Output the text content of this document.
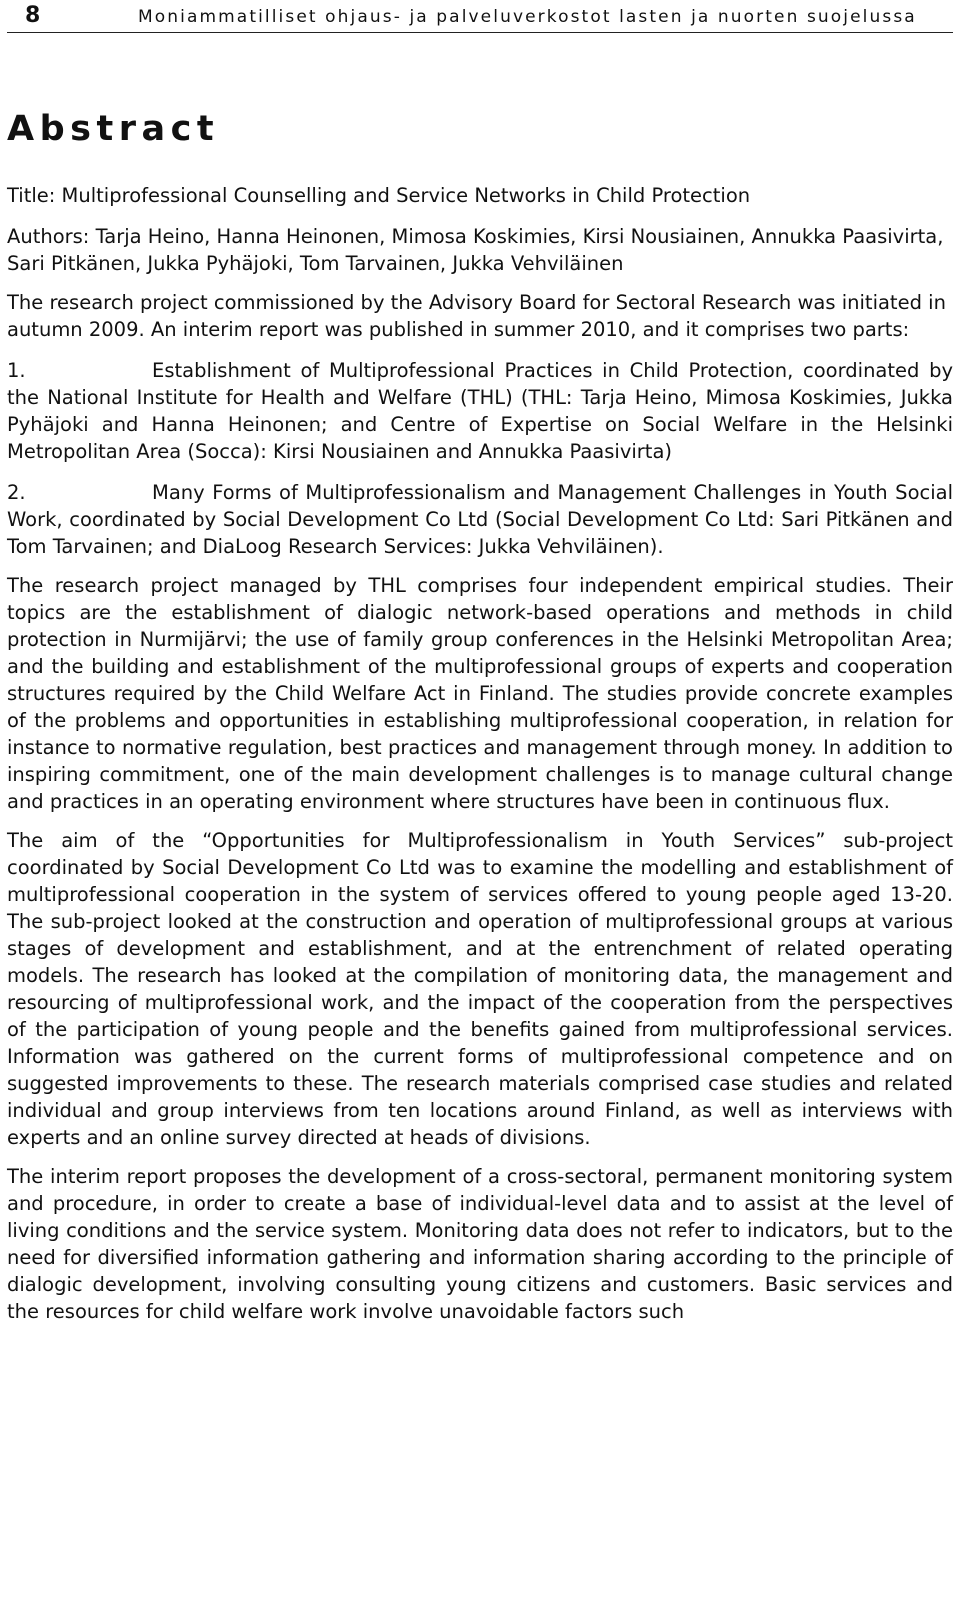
8	Moniammatilliset ohjaus- ja palveluverkostot lasten ja nuorten suojelussa
Abstract

Title: Multiprofessional Counselling and Service Networks in Child Protection

Authors: Tarja Heino, Hanna Heinonen, Mimosa Koskimies, Kirsi Nousiainen, Annukka Paasivirta, Sari Pitkänen, Jukka Pyhäjoki, Tom Tarvainen, Jukka Vehviläinen

The research project commissioned by the Advisory Board for Sectoral Research was initiated in autumn 2009. An interim report was published in summer 2010, and it comprises two parts:

1.	Establishment of Multiprofessional Practices in Child Protection, coordinated by the National Institute for Health and Welfare (THL) (THL: Tarja Heino, Mimosa Koskimies, Jukka Pyhäjoki and Hanna Heinonen; and Centre of Expertise on Social Welfare in the Helsinki Metropolitan Area (Socca): Kirsi Nousiainen and Annukka Paasivirta)

2.	Many Forms of Multiprofessionalism and Management Challenges in Youth Social Work, coordinated by Social Development Co Ltd (Social Development Co Ltd: Sari Pitkänen and Tom Tarvainen; and DiaLoog Research Services: Jukka Vehviläinen).

The research project managed by THL comprises four independent empirical studies. Their topics are the establishment of dialogic network-based operations and methods in child protection in Nurmijärvi; the use of family group conferences in the Helsinki Metropolitan Area; and the building and establishment of the multiprofessional groups of experts and cooperation structures required by the Child Welfare Act in Finland. The studies provide concrete examples of the problems and opportunities in establishing multiprofessional cooperation, in relation for instance to normative regulation, best practices and management through money. In addition to inspiring commitment, one of the main development challenges is to manage cultural change and practices in an operating environment where structures have been in continuous flux.

The aim of the “Opportunities for Multiprofessionalism in Youth Services” sub-project coordinated by Social Development Co Ltd was to examine the modelling and establishment of multiprofessional cooperation in the system of services offered to young people aged 13-20. The sub-project looked at the construction and operation of multiprofessional groups at various stages of development and establishment, and at the entrenchment of related operating models. The research has looked at the compilation of monitoring data, the management and resourcing of multiprofessional work, and the impact of the cooperation from the perspectives of the participation of young people and the benefits gained from multiprofessional services. Information was gathered on the current forms of multiprofessional competence and on suggested improvements to these. The research materials comprised case studies and related individual and group interviews from ten locations around Finland, as well as interviews with experts and an online survey directed at heads of divisions.

The interim report proposes the development of a cross-sectoral, permanent monitoring system and procedure, in order to create a base of individual-level data and to assist at the level of living conditions and the service system. Monitoring data does not refer to indicators, but to the need for diversified information gathering and information sharing according to the principle of dialogic development, involving consulting young citizens and customers. Basic services and the resources for child welfare work involve unavoidable factors such
